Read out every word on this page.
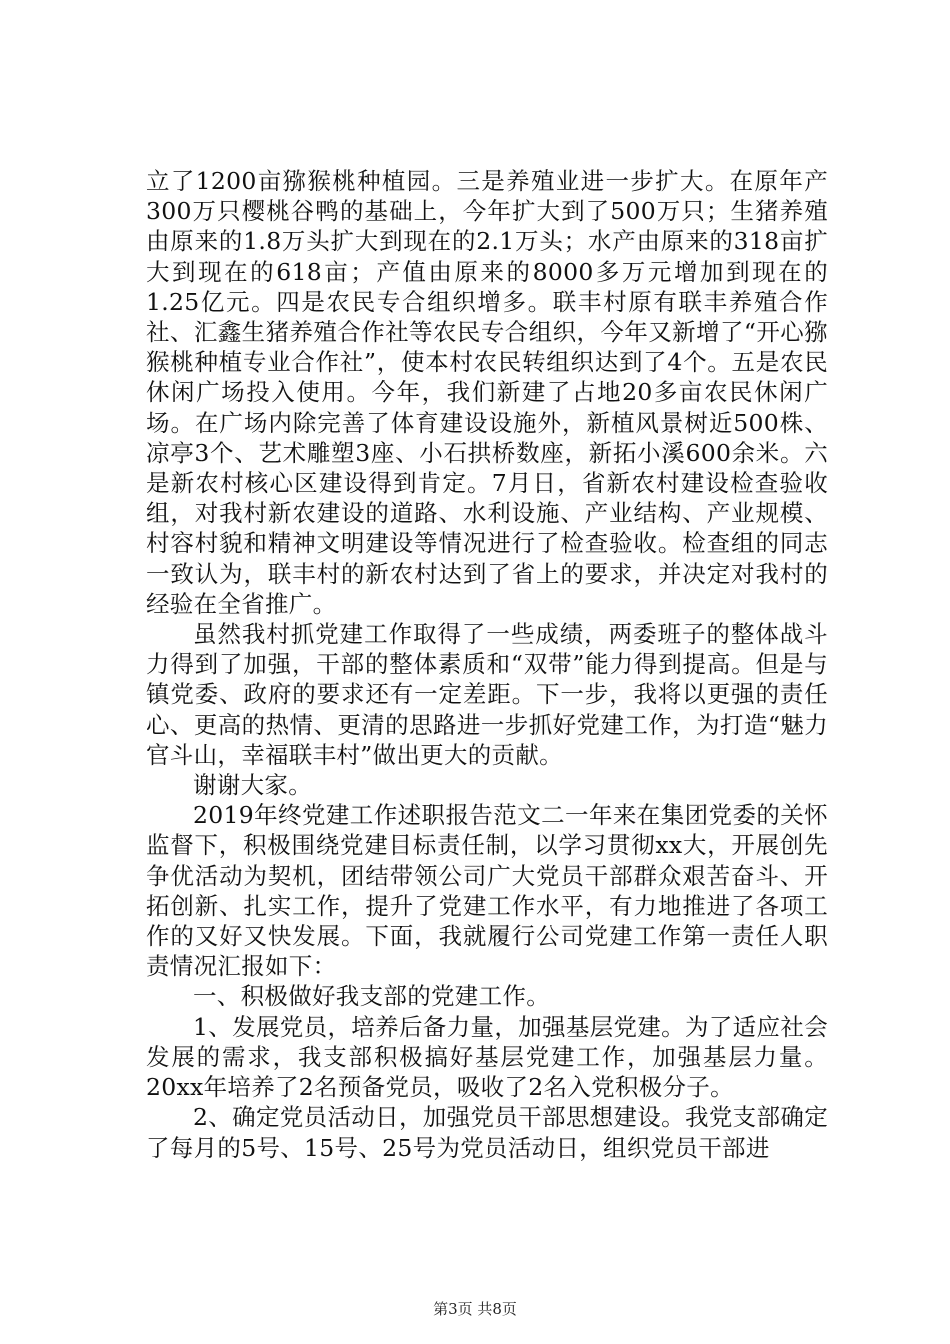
立了1200亩猕猴桃种植园。三是养殖业进一步扩大。在原年产300万只樱桃谷鸭的基础上，今年扩大到了500万只；生猪养殖由原来的1.8万头扩大到现在的2.1万头；水产由原来的318亩扩大到现在的618亩；产值由原来的8000多万元增加到现在的1.25亿元。四是农民专合组织增多。联丰村原有联丰养殖合作社、汇鑫生猪养殖合作社等农民专合组织，今年又新增了“开心猕猴桃种植专业合作社”，使本村农民转组织达到了4个。五是农民休闲广场投入使用。今年，我们新建了占地20多亩农民休闲广场。在广场内除完善了体育建设设施外，新植风景树近500株、凉亭3个、艺术雕塑3座、小石拱桥数座，新拓小溪600余米。六是新农村核心区建设得到肯定。7月日，省新农村建设检查验收组，对我村新农建设的道路、水利设施、产业结构、产业规模、村容村貌和精神文明建设等情况进行了检查验收。检查组的同志一致认为，联丰村的新农村达到了省上的要求，并决定对我村的经验在全省推广。

虽然我村抓党建工作取得了一些成绩，两委班子的整体战斗力得到了加强，干部的整体素质和“双带”能力得到提高。但是与镇党委、政府的要求还有一定差距。下一步，我将以更强的责任心、更高的热情、更清的思路进一步抓好党建工作，为打造“魅力官斗山，幸福联丰村”做出更大的贡献。

谢谢大家。

2019年终党建工作述职报告范文二一年来在集团党委的关怀监督下，积极围绕党建目标责任制，以学习贯彻xx大，开展创先争优活动为契机，团结带领公司广大党员干部群众艰苦奋斗、开拓创新、扎实工作，提升了党建工作水平，有力地推进了各项工作的又好又快发展。下面，我就履行公司党建工作第一责任人职责情况汇报如下：

一、积极做好我支部的党建工作。

1、发展党员，培养后备力量，加强基层党建。为了适应社会发展的需求，我支部积极搞好基层党建工作，加强基层力量。20xx年培养了2名预备党员，吸收了2名入党积极分子。

2、确定党员活动日，加强党员干部思想建设。我党支部确定了每月的5号、15号、25号为党员活动日，组织党员干部进

第3页 共8页
